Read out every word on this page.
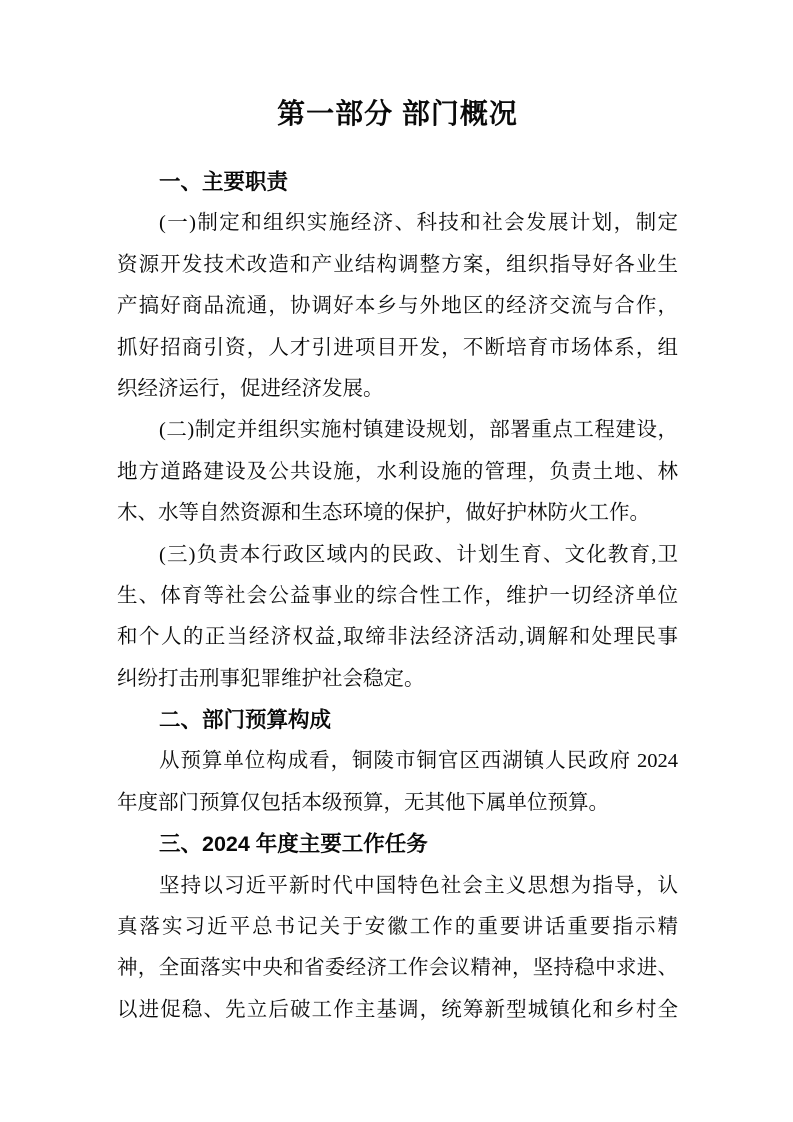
第一部分 部门概况
一、主要职责
(一)制定和组织实施经济、科技和社会发展计划，制定
资源开发技术改造和产业结构调整方案，组织指导好各业生
产搞好商品流通，协调好本乡与外地区的经济交流与合作，
抓好招商引资，人才引进项目开发，不断培育市场体系，组
织经济运行，促进经济发展。
(二)制定并组织实施村镇建设规划，部署重点工程建设，
地方道路建设及公共设施，水利设施的管理，负责土地、林
木、水等自然资源和生态环境的保护，做好护林防火工作。
(三)负责本行政区域内的民政、计划生育、文化教育,卫
生、体育等社会公益事业的综合性工作，维护一切经济单位
和个人的正当经济权益,取缔非法经济活动,调解和处理民事
纠纷打击刑事犯罪维护社会稳定。
二、部门预算构成
从预算单位构成看，铜陵市铜官区西湖镇人民政府 2024
年度部门预算仅包括本级预算，无其他下属单位预算。
三、2024 年度主要工作任务
坚持以习近平新时代中国特色社会主义思想为指导，认
真落实习近平总书记关于安徽工作的重要讲话重要指示精
神，全面落实中央和省委经济工作会议精神，坚持稳中求进、
以进促稳、先立后破工作主基调，统筹新型城镇化和乡村全
